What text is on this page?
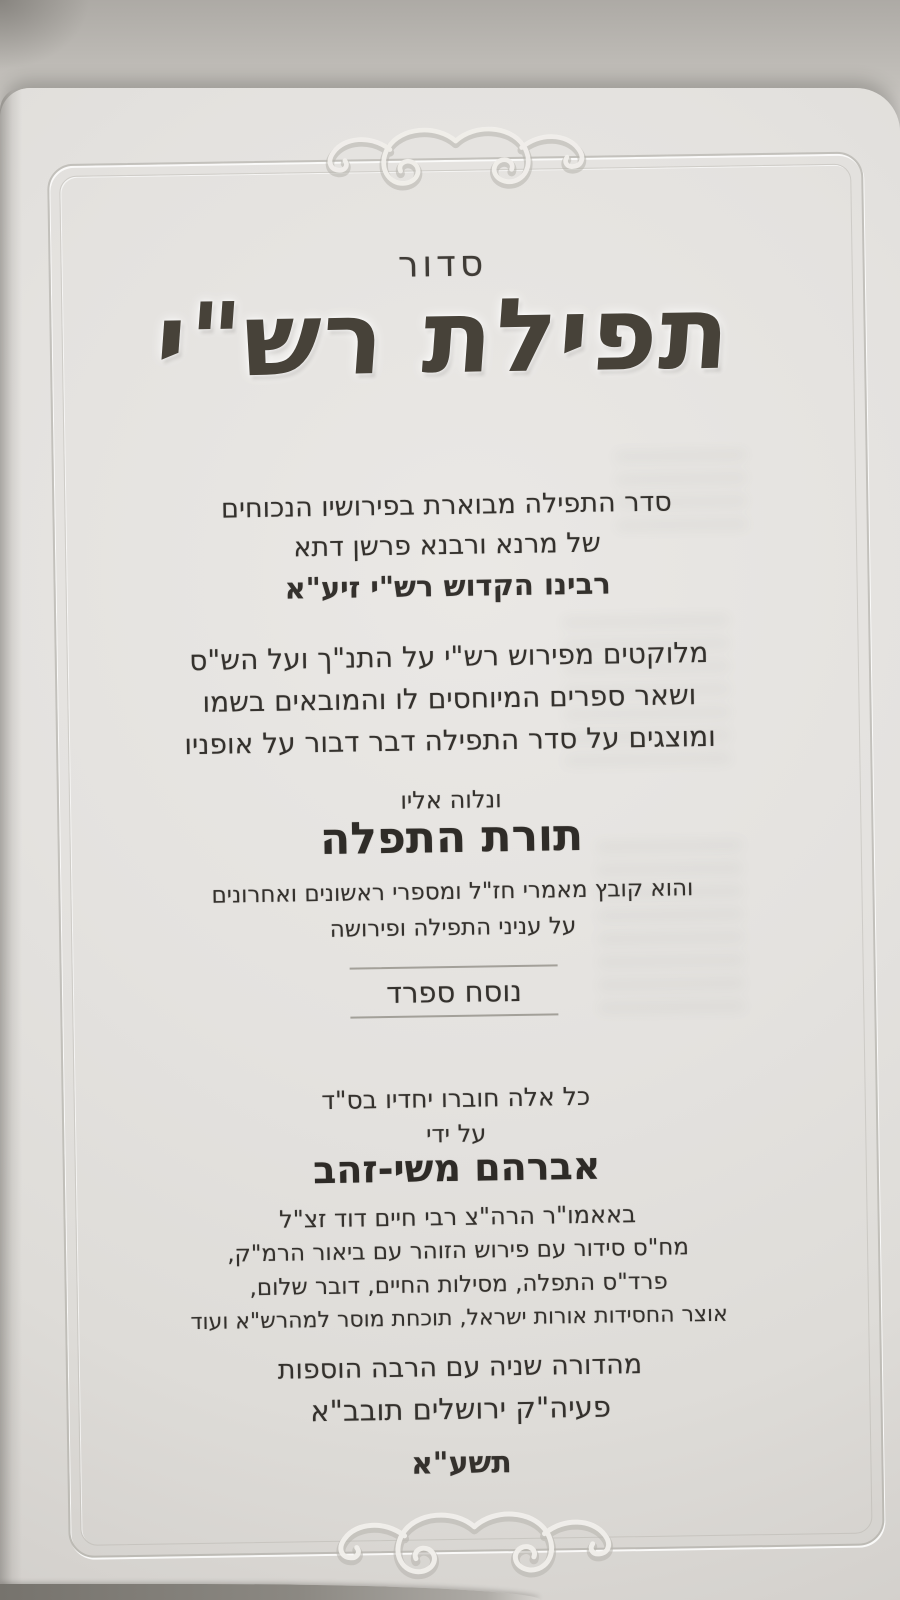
סדור
תפילת רש"י
סדר התפילה מבוארת בפירושיו הנכוחים
של מרנא ורבנא פרשן דתא
רבינו הקדוש רש"י זיע"א
מלוקטים מפירוש רש"י על התנ"ך ועל הש"ס
ושאר ספרים המיוחסים לו והמובאים בשמו
ומוצגים על סדר התפילה דבר דבור על אופניו
ונלוה אליו
תורת התפלה
והוא קובץ מאמרי חז"ל ומספרי ראשונים ואחרונים
על עניני התפילה ופירושה
נוסח ספרד
כל אלה חוברו יחדיו בס"ד
על ידי
אברהם משי-זהב
באאמו"ר הרה"צ רבי חיים דוד זצ"ל
מח"ס סידור עם פירוש הזוהר עם ביאור הרמ"ק,
פרד"ס התפלה, מסילות החיים, דובר שלום,
אוצר החסידות אורות ישראל, תוכחת מוסר למהרש"א ועוד
מהדורה שניה עם הרבה הוספות
פעיה"ק ירושלים תובב"א
תשע"א
